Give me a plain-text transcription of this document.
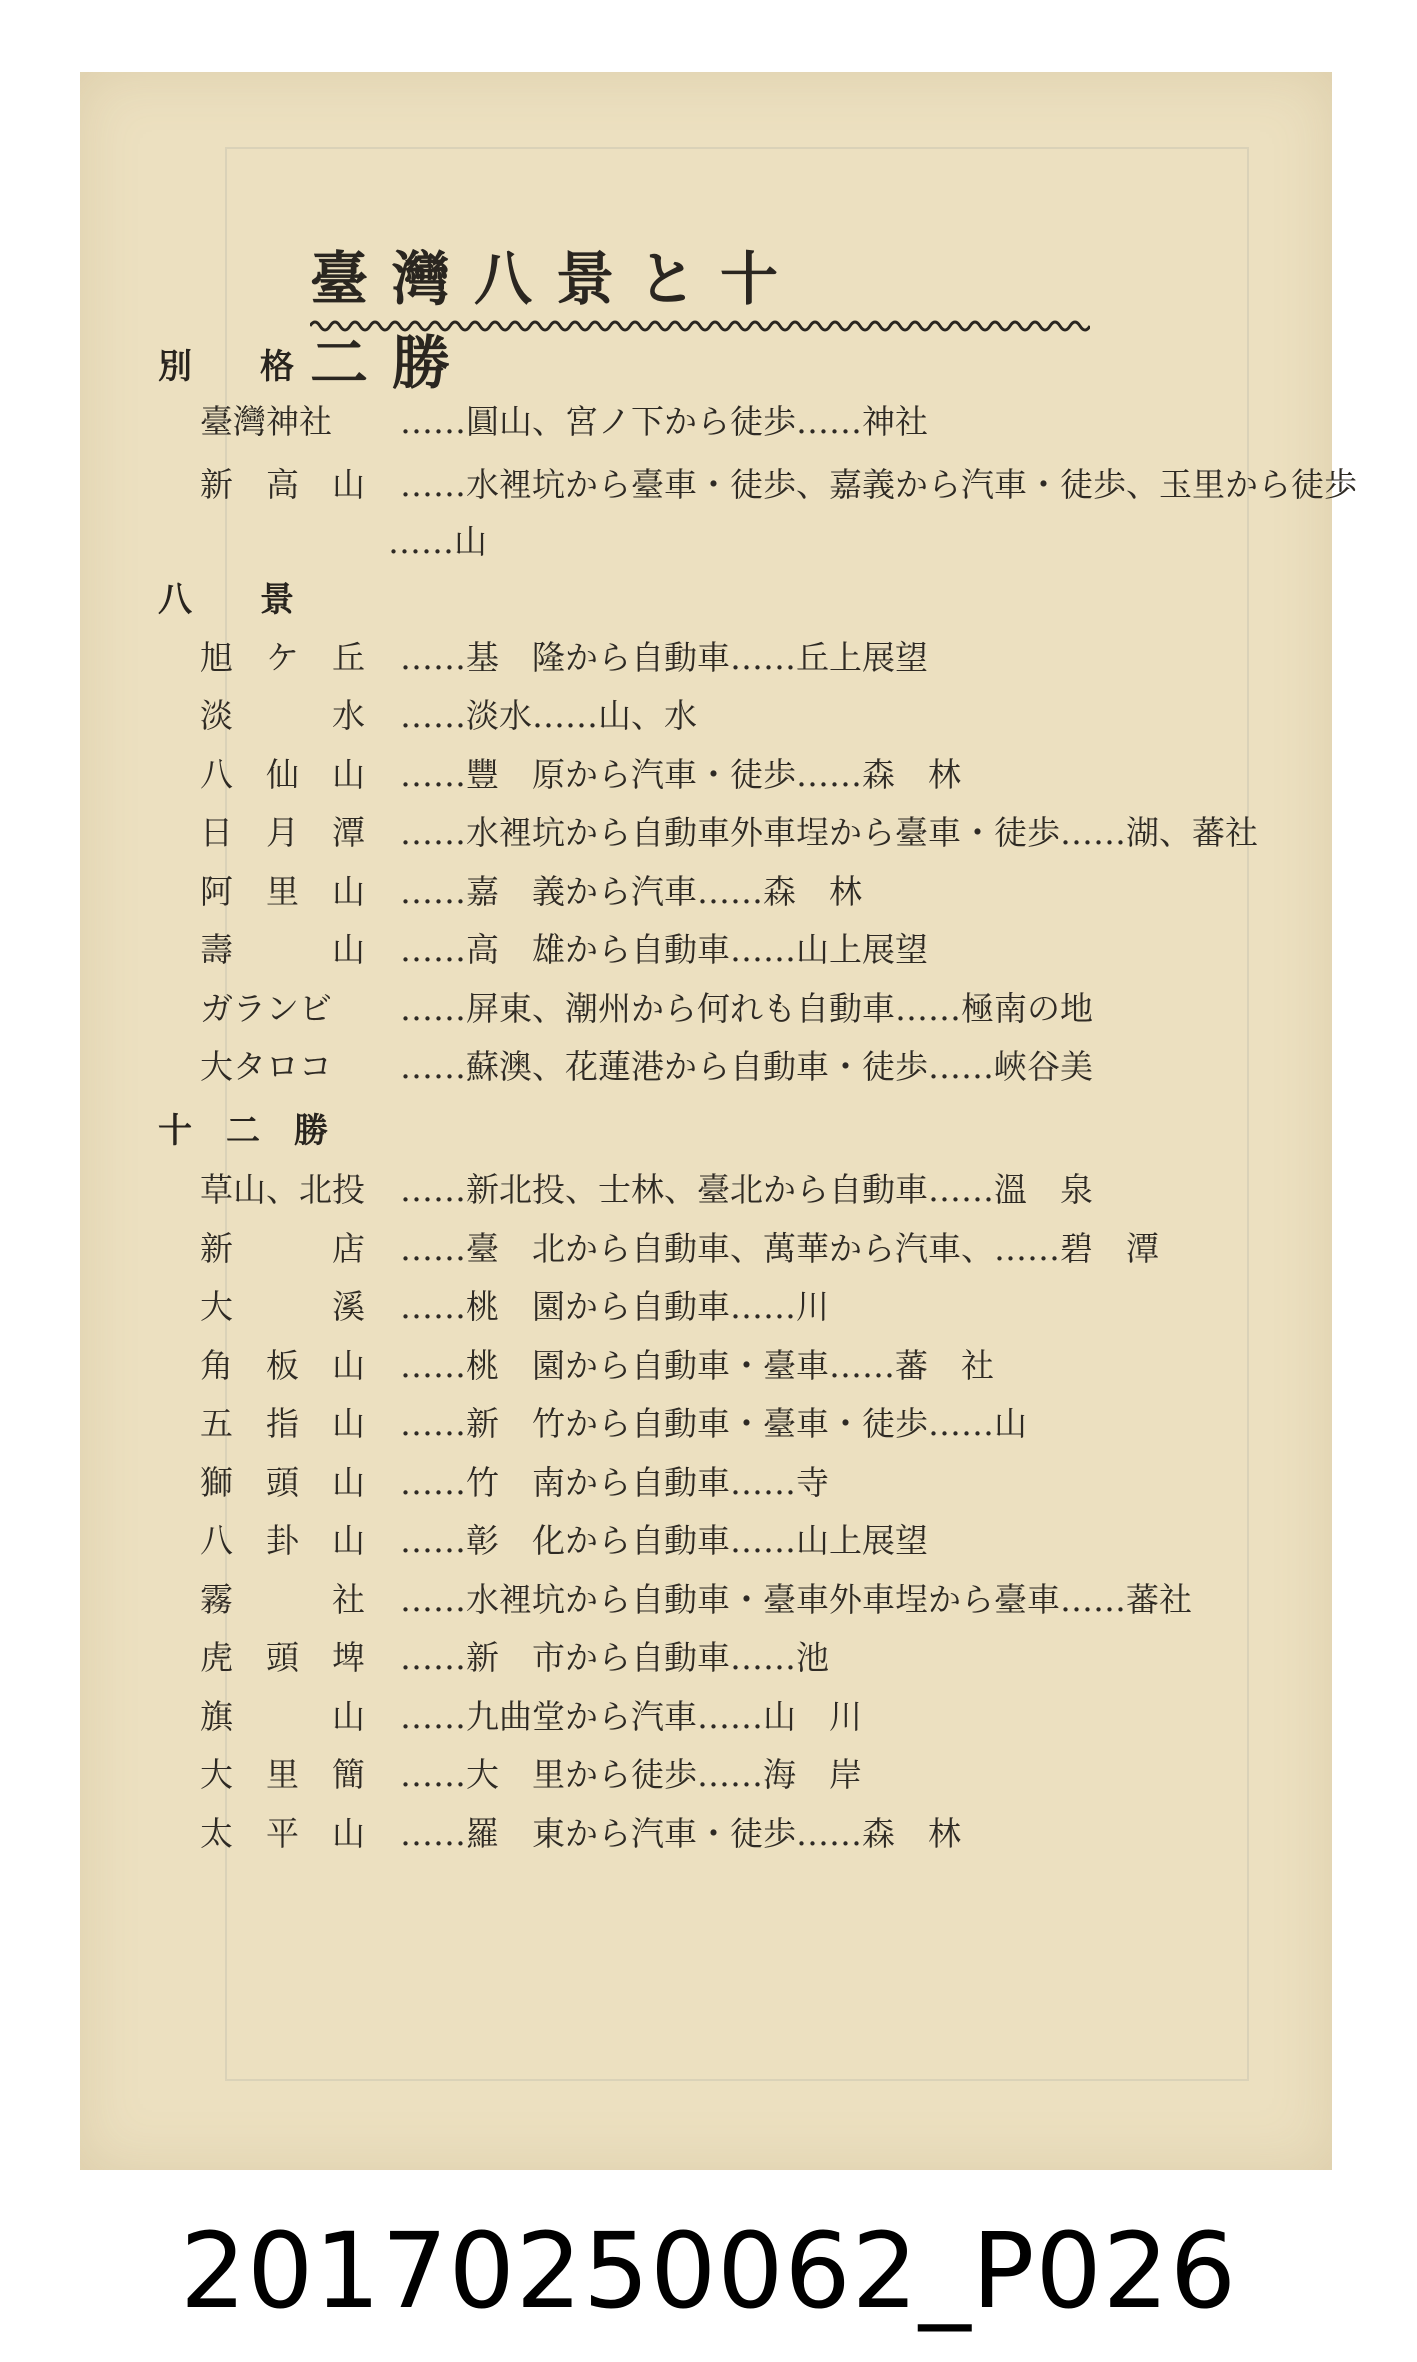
臺灣八景と十二勝
別　　格
臺灣神社 ……圓山、宮ノ下から徒歩……神社
新　高　山 ……水裡坑から臺車・徒歩、嘉義から汽車・徒歩、玉里から徒歩
……山
八　　景
旭　ケ　丘 ……基　隆から自動車……丘上展望
淡　　　水 ……淡水……山、水
八　仙　山 ……豐　原から汽車・徒歩……森　林
日　月　潭 ……水裡坑から自動車外車埕から臺車・徒歩……湖、蕃社
阿　里　山 ……嘉　義から汽車……森　林
壽　　　山 ……高　雄から自動車……山上展望
ガランビ ……屏東、潮州から何れも自動車……極南の地
大タロコ ……蘇澳、花蓮港から自動車・徒歩……峽谷美
十　二　勝
草山、北投 ……新北投、士林、臺北から自動車……溫　泉
新　　　店 ……臺　北から自動車、萬華から汽車、……碧　潭
大　　　溪 ……桃　園から自動車……川
角　板　山 ……桃　園から自動車・臺車……蕃　社
五　指　山 ……新　竹から自動車・臺車・徒歩……山
獅　頭　山 ……竹　南から自動車……寺
八　卦　山 ……彰　化から自動車……山上展望
霧　　　社 ……水裡坑から自動車・臺車外車埕から臺車……蕃社
虎　頭　埤 ……新　市から自動車……池
旗　　　山 ……九曲堂から汽車……山　川
大　里　簡 ……大　里から徒歩……海　岸
太　平　山 ……羅　東から汽車・徒歩……森　林
20170250062_P026
